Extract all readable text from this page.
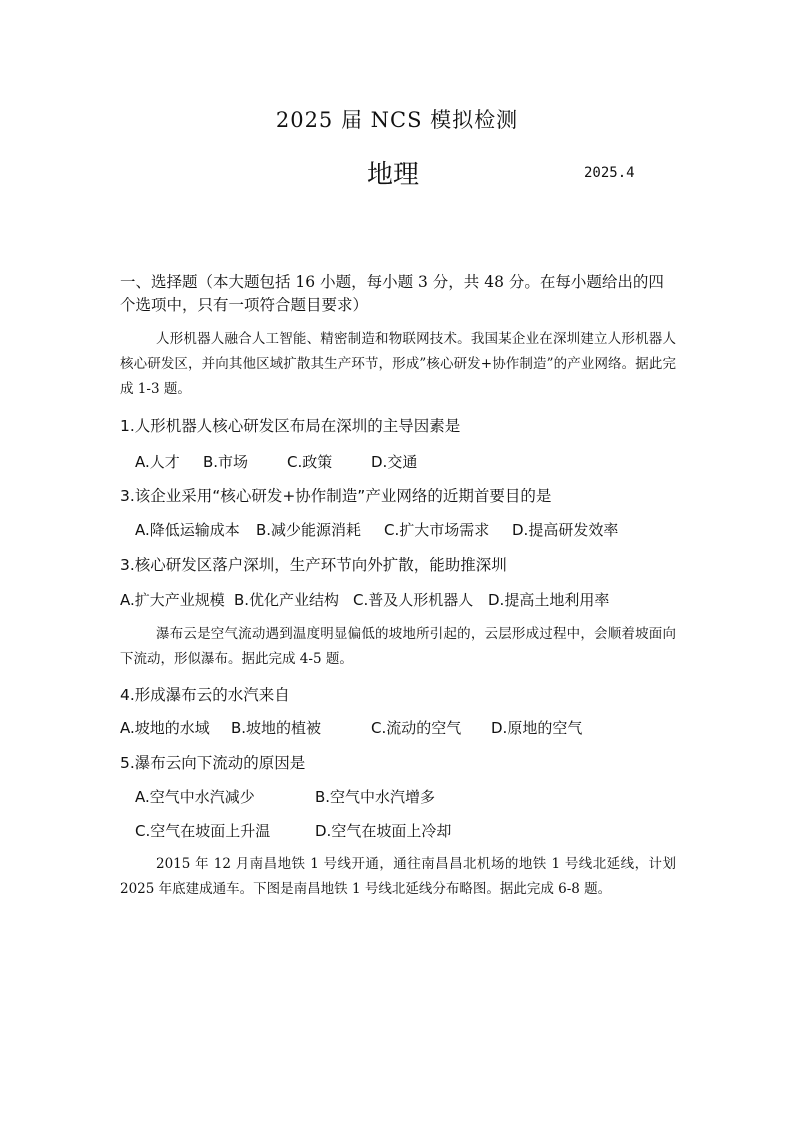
2025 届 NCS 模拟检测
地理	2025.4
一、选择题（本大题包括 16 小题，每小题 3 分，共 48 分。在每小题给出的四个选项中，只有一项符合题目要求）
人形机器人融合人工智能、精密制造和物联网技术。我国某企业在深圳建立人形机器人核心研发区，并向其他区域扩散其生产环节，形成”核心研发+协作制造”的产业网络。据此完成 1-3 题。
1.人形机器人核心研发区布局在深圳的主导因素是
A.人才 B.市场	C.政策	D.交通
3.该企业采用“核心研发+协作制造”产业网络的近期首要目的是
A.降低运输成本 B.减少能源消耗 C.扩大市场需求 D.提高研发效率
3.核心研发区落户深圳，生产环节向外扩散，能助推深圳
A.扩大产业规模 B.优化产业结构 C.普及人形机器人 D.提高土地利用率
瀑布云是空气流动遇到温度明显偏低的坡地所引起的，云层形成过程中，会顺着坡面向下流动，形似瀑布。据此完成 4-5 题。
4.形成瀑布云的水汽来自
A.坡地的水域 B.坡地的植被	C.流动的空气 D.原地的空气
5.瀑布云向下流动的原因是
A.空气中水汽减少	B.空气中水汽增多
C.空气在坡面上升温	D.空气在坡面上冷却
2015 年 12 月南昌地铁 1 号线开通，通往南昌昌北机场的地铁 1 号线北延线，计划 2025 年底建成通车。下图是南昌地铁 1 号线北延线分布略图。据此完成 6-8 题。
